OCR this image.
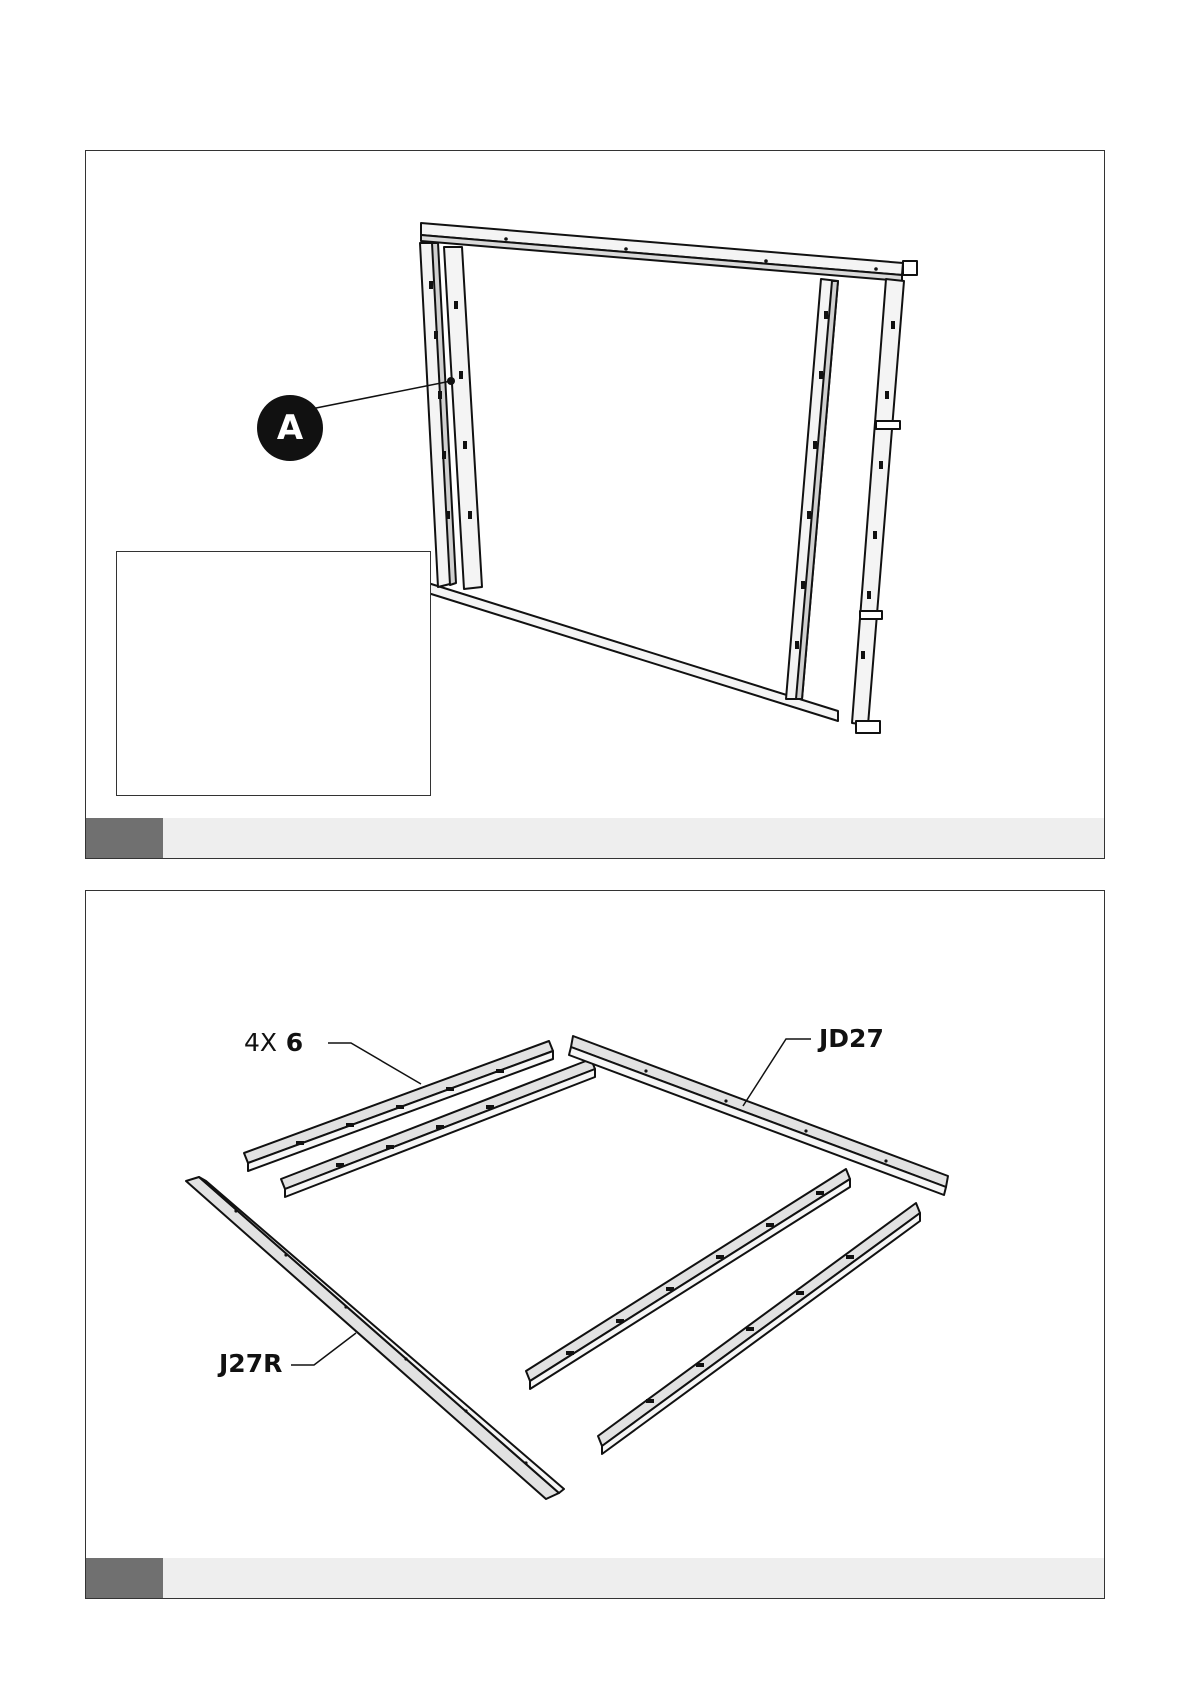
A
4X 6	JD27
J27R
